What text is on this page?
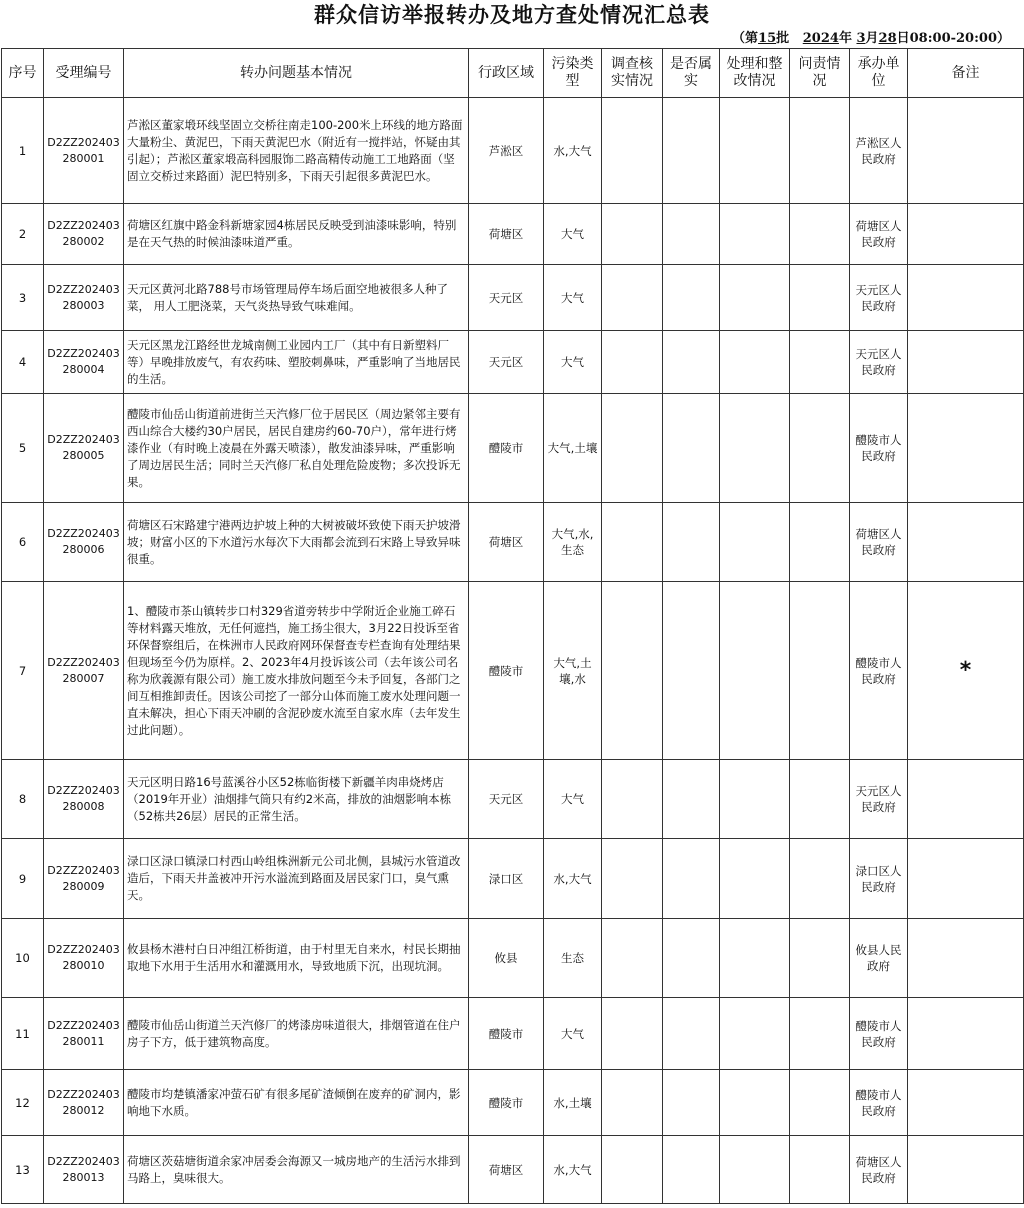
群众信访举报转办及地方查处情况汇总表
（第15批 2024年 3月28日08:00-20:00）
序号	受理编号	转办问题基本情况	行政区域	污染类型	调查核实情况	是否属实	处理和整改情况	问责情况	承办单位	备注
1	D2ZZ202403280001	芦淞区董家塅环线坚固立交桥往南走100-200米上环线的地方路面大量粉尘、黄泥巴，下雨天黄泥巴水（附近有一搅拌站，怀疑由其引起）；芦淞区董家塅高科园服饰二路高精传动施工工地路面（坚固立交桥过来路面）泥巴特别多，下雨天引起很多黄泥巴水。	芦淞区	水,大气					芦淞区人民政府	
2	D2ZZ202403280002	荷塘区红旗中路金科新塘家园4栋居民反映受到油漆味影响，特别是在天气热的时候油漆味道严重。	荷塘区	大气					荷塘区人民政府	
3	D2ZZ202403280003	天元区黄河北路788号市场管理局停车场后面空地被很多人种了菜， 用人工肥浇菜，天气炎热导致气味难闻。	天元区	大气					天元区人民政府	
4	D2ZZ202403280004	天元区黑龙江路经世龙城南侧工业园内工厂（其中有日新塑料厂等）早晚排放废气，有农药味、塑胶刺鼻味，严重影响了当地居民的生活。	天元区	大气					天元区人民政府	
5	D2ZZ202403280005	醴陵市仙岳山街道前进街兰天汽修厂位于居民区（周边紧邻主要有西山综合大楼约30户居民，居民自建房约60-70户），常年进行烤漆作业（有时晚上凌晨在外露天喷漆），散发油漆异味，严重影响了周边居民生活；同时兰天汽修厂私自处理危险废物；多次投诉无果。	醴陵市	大气,土壤					醴陵市人民政府	
6	D2ZZ202403280006	荷塘区石宋路建宁港两边护坡上种的大树被破坏致使下雨天护坡滑坡；财富小区的下水道污水每次下大雨都会流到石宋路上导致异味很重。	荷塘区	大气,水,生态					荷塘区人民政府	
7	D2ZZ202403280007	1、醴陵市茶山镇转步口村329省道旁转步中学附近企业施工碎石等材料露天堆放，无任何遮挡，施工扬尘很大，3月22日投诉至省环保督察组后，在株洲市人民政府网环保督查专栏查询有处理结果但现场至今仍为原样。2、2023年4月投诉该公司（去年该公司名称为欣義源有限公司）施工废水排放问题至今未予回复，各部门之间互相推卸责任。因该公司挖了一部分山体而施工废水处理问题一直未解决，担心下雨天冲刷的含泥砂废水流至自家水库（去年发生过此问题）。	醴陵市	大气,土壤,水					醴陵市人民政府	*
8	D2ZZ202403280008	天元区明日路16号蓝溪谷小区52栋临街楼下新疆羊肉串烧烤店（2019年开业）油烟排气筒只有约2米高，排放的油烟影响本栋（52栋共26层）居民的正常生活。	天元区	大气					天元区人民政府	
9	D2ZZ202403280009	渌口区渌口镇渌口村西山岭组株洲新元公司北侧，县城污水管道改造后，下雨天井盖被冲开污水溢流到路面及居民家门口，臭气熏天。	渌口区	水,大气					渌口区人民政府	
10	D2ZZ202403280010	攸县杨木港村白日冲组江桥街道，由于村里无自来水，村民长期抽取地下水用于生活用水和灌溉用水，导致地质下沉，出现坑洞。	攸县	生态					攸县人民政府	
11	D2ZZ202403280011	醴陵市仙岳山街道兰天汽修厂的烤漆房味道很大，排烟管道在住户房子下方，低于建筑物高度。	醴陵市	大气					醴陵市人民政府	
12	D2ZZ202403280012	醴陵市均楚镇潘家冲萤石矿有很多尾矿渣倾倒在废弃的矿洞内，影响地下水质。	醴陵市	水,土壤					醴陵市人民政府	
13	D2ZZ202403280013	荷塘区茨菇塘街道余家冲居委会海源又一城房地产的生活污水排到马路上，臭味很大。	荷塘区	水,大气					荷塘区人民政府	
